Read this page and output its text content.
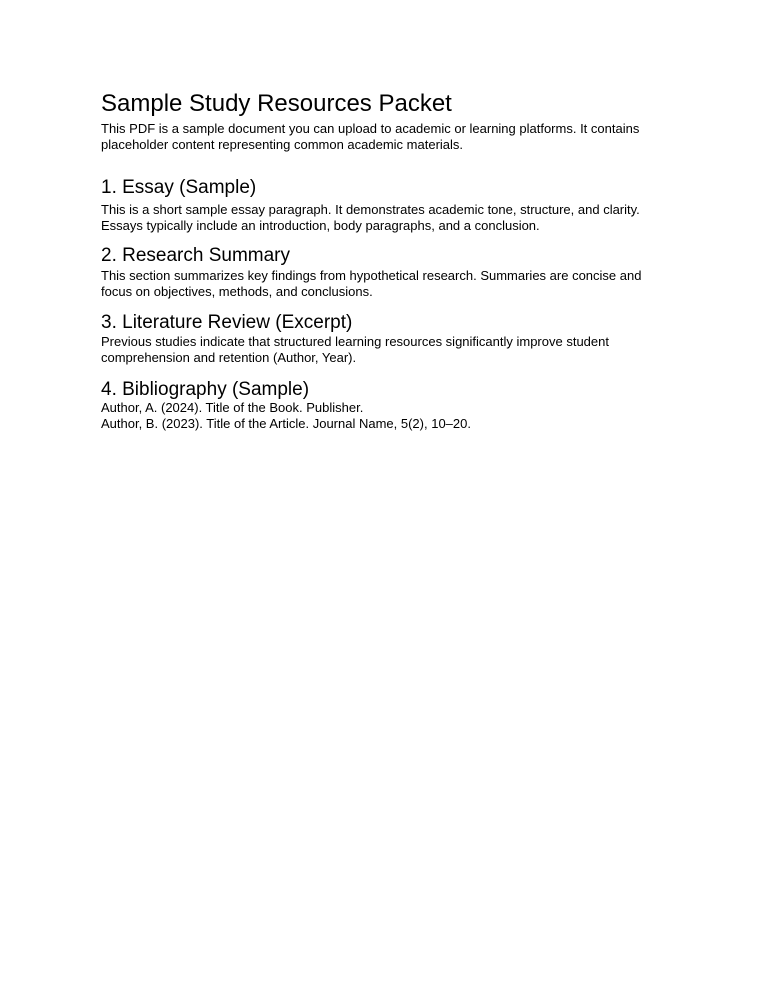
Sample Study Resources Packet
This PDF is a sample document you can upload to academic or learning platforms. It contains
placeholder content representing common academic materials.
1. Essay (Sample)
This is a short sample essay paragraph. It demonstrates academic tone, structure, and clarity.
Essays typically include an introduction, body paragraphs, and a conclusion.
2. Research Summary
This section summarizes key findings from hypothetical research. Summaries are concise and
focus on objectives, methods, and conclusions.
3. Literature Review (Excerpt)
Previous studies indicate that structured learning resources significantly improve student
comprehension and retention (Author, Year).
4. Bibliography (Sample)
Author, A. (2024). Title of the Book. Publisher.
Author, B. (2023). Title of the Article. Journal Name, 5(2), 10–20.
